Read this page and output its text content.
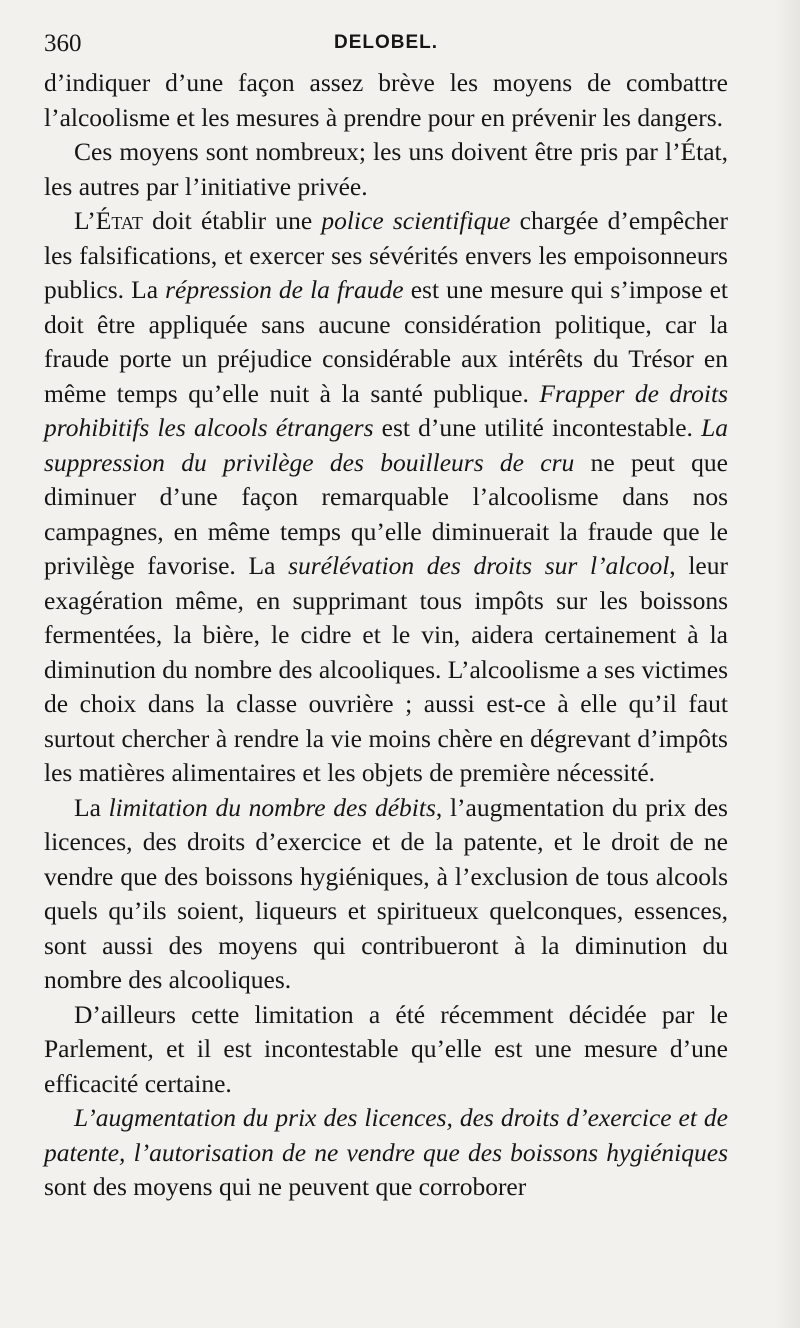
360	DELOBEL.

d’indiquer d’une façon assez brève les moyens de combattre l’alcoolisme et les mesures à prendre pour en prévenir les dangers.

Ces moyens sont nombreux; les uns doivent être pris par l’État, les autres par l’initiative privée.

L’État doit établir une police scientifique chargée d’empêcher les falsifications, et exercer ses sévérités envers les empoisonneurs publics. La répression de la fraude est une mesure qui s’impose et doit être appliquée sans aucune considération politique, car la fraude porte un préjudice considérable aux intérêts du Trésor en même temps qu’elle nuit à la santé publique. Frapper de droits prohibitifs les alcools étrangers est d’une utilité incontestable. La suppression du privilège des bouilleurs de cru ne peut que diminuer d’une façon remarquable l’alcoolisme dans nos campagnes, en même temps qu’elle diminuerait la fraude que le privilège favorise. La surélévation des droits sur l’alcool, leur exagération même, en supprimant tous impôts sur les boissons fermentées, la bière, le cidre et le vin, aidera certainement à la diminution du nombre des alcooliques. L’alcoolisme a ses victimes de choix dans la classe ouvrière ; aussi est-ce à elle qu’il faut surtout chercher à rendre la vie moins chère en dégrevant d’impôts les matières alimentaires et les objets de première nécessité.

La limitation du nombre des débits, l’augmentation du prix des licences, des droits d’exercice et de la patente, et le droit de ne vendre que des boissons hygiéniques, à l’exclusion de tous alcools quels qu’ils soient, liqueurs et spiritueux quelconques, essences, sont aussi des moyens qui contribueront à la diminution du nombre des alcooliques.

D’ailleurs cette limitation a été récemment décidée par le Parlement, et il est incontestable qu’elle est une mesure d’une efficacité certaine.

L’augmentation du prix des licences, des droits d’exercice et de patente, l’autorisation de ne vendre que des boissons hygiéniques sont des moyens qui ne peuvent que corroborer
